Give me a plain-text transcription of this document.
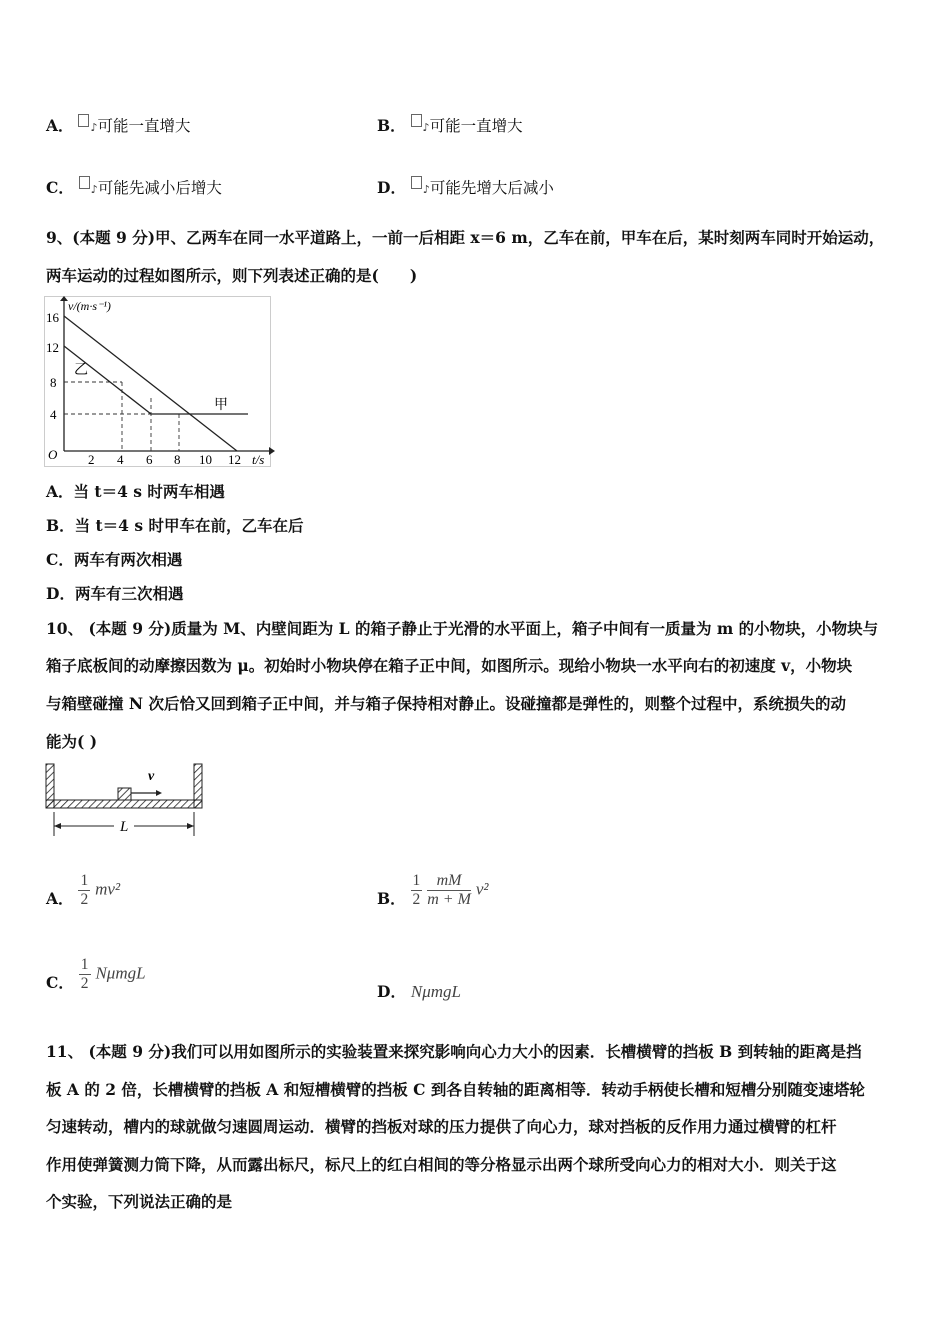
A． ♪可能一直增大	B． ♪可能一直增大
C． ♪可能先减小后增大	D． ♪可能先增大后减小
9、(本题 9 分)甲、乙两车在同一水平道路上，一前一后相距 x＝6 m，乙车在前，甲车在后，某时刻两车同时开始运动，
两车运动的过程如图所示，则下列表述正确的是(　　)
16
12
8
4
O 2 4 6 8 10 12 t/s
v/(m·s⁻¹)
乙
甲
A．当 t＝4 s 时两车相遇
B．当 t＝4 s 时甲车在前，乙车在后
C．两车有两次相遇
D．两车有三次相遇
10、 (本题 9 分)质量为 M、内壁间距为 L 的箱子静止于光滑的水平面上，箱子中间有一质量为 m 的小物块，小物块与
箱子底板间的动摩擦因数为 μ。初始时小物块停在箱子正中间，如图所示。现给小物块一水平向右的初速度 v，小物块
与箱壁碰撞 N 次后恰又回到箱子正中间，并与箱子保持相对静止。设碰撞都是弹性的，则整个过程中，系统损失的动
能为( )
v
L
A． $\frac{1}{2} mv^2$	B． $\frac{1}{2}$
$\frac{mM}{m + M} v^2$
C． $\frac{1}{2}$ NμmgL
D． NμmgL
11、 (本题 9 分)我们可以用如图所示的实验装置来探究影响向心力大小的因素．长槽横臂的挡板 B 到转轴的距离是挡
板 A 的 2 倍，长槽横臂的挡板 A 和短槽横臂的挡板 C 到各自转轴的距离相等．转动手柄使长槽和短槽分别随变速塔轮
匀速转动，槽内的球就做匀速圆周运动．横臂的挡板对球的压力提供了向心力，球对挡板的反作用力通过横臂的杠杆
作用使弹簧测力筒下降，从而露出标尺，标尺上的红白相间的等分格显示出两个球所受向心力的相对大小．则关于这
个实验，下列说法正确的是
